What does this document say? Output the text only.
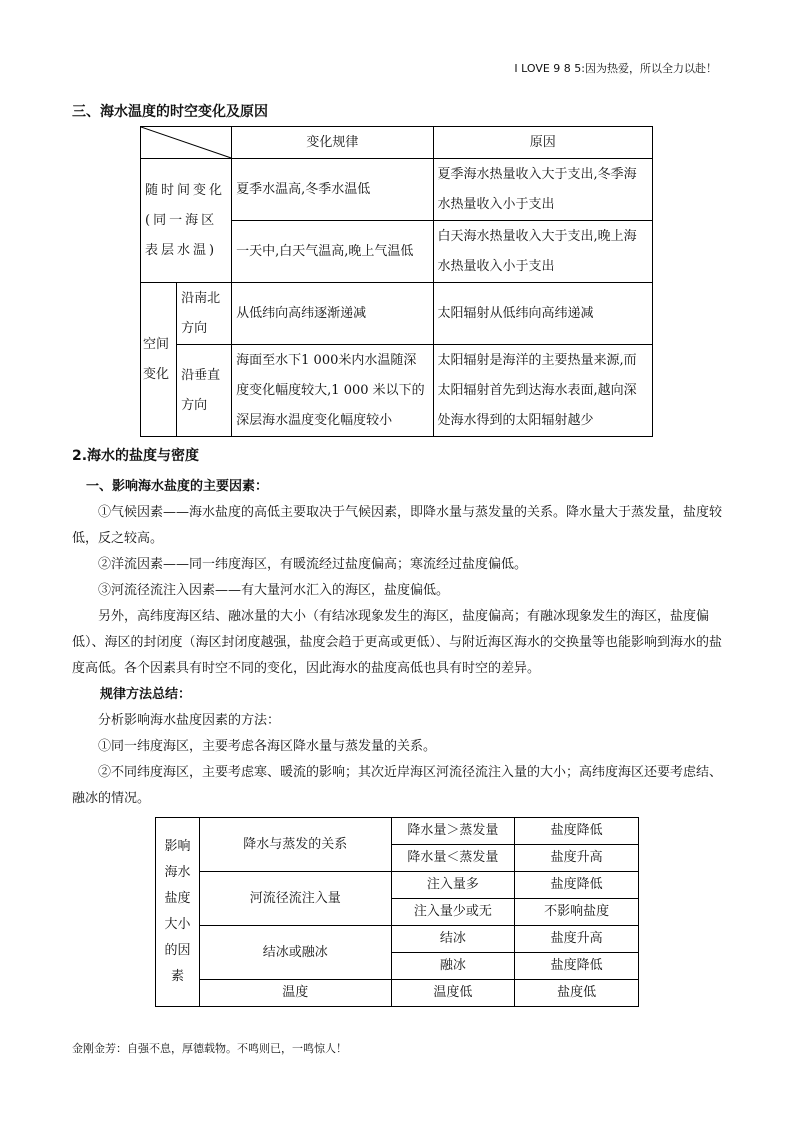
I LOVE 9 8 5:因为热爱，所以全力以赴！
三、海水温度的时空变化及原因
	变化规律	原因
随时间变化(同一海区表层水温)		夏季水温高,冬季水温低	夏季海水热量收入大于支出,冬季海水热量收入小于支出
		一天中,白天气温高,晚上气温低	白天海水热量收入大于支出,晚上海水热量收入小于支出
空间变化	沿南北方向	从低纬向高纬逐渐递减	太阳辐射从低纬向高纬递减
	沿垂直方向	海面至水下1 000米内水温随深度变化幅度较大,1 000 米以下的深层海水温度变化幅度较小	太阳辐射是海洋的主要热量来源,而太阳辐射首先到达海水表面,越向深处海水得到的太阳辐射越少
2.海水的盐度与密度

一、影响海水盐度的主要因素：

①气候因素——海水盐度的高低主要取决于气候因素，即降水量与蒸发量的关系。降水量大于蒸发量，盐度较低，反之较高。

②洋流因素——同一纬度海区，有暖流经过盐度偏高；寒流经过盐度偏低。

③河流径流注入因素——有大量河水汇入的海区，盐度偏低。

另外，高纬度海区结、融冰量的大小（有结冰现象发生的海区，盐度偏高；有融冰现象发生的海区，盐度偏低）、海区的封闭度（海区封闭度越强，盐度会趋于更高或更低）、与附近海区海水的交换量等也能影响到海水的盐度高低。各个因素具有时空不同的变化，因此海水的盐度高低也具有时空的差异。

规律方法总结：

分析影响海水盐度因素的方法：

①同一纬度海区，主要考虑各海区降水量与蒸发量的关系。

②不同纬度海区，主要考虑寒、暖流的影响；其次近岸海区河流径流注入量的大小；高纬度海区还要考虑结、融冰的情况。

影响海水盐度大小的因素	降水与蒸发的关系	降水量＞蒸发量	盐度降低
		降水量＜蒸发量	盐度升高
	河流径流注入量	注入量多	盐度降低
		注入量少或无	不影响盐度
	结冰或融冰	结冰	盐度升高
		融冰	盐度降低
	温度	温度低	盐度低
金刚金芳：自强不息，厚德载物。不鸣则已，一鸣惊人！
